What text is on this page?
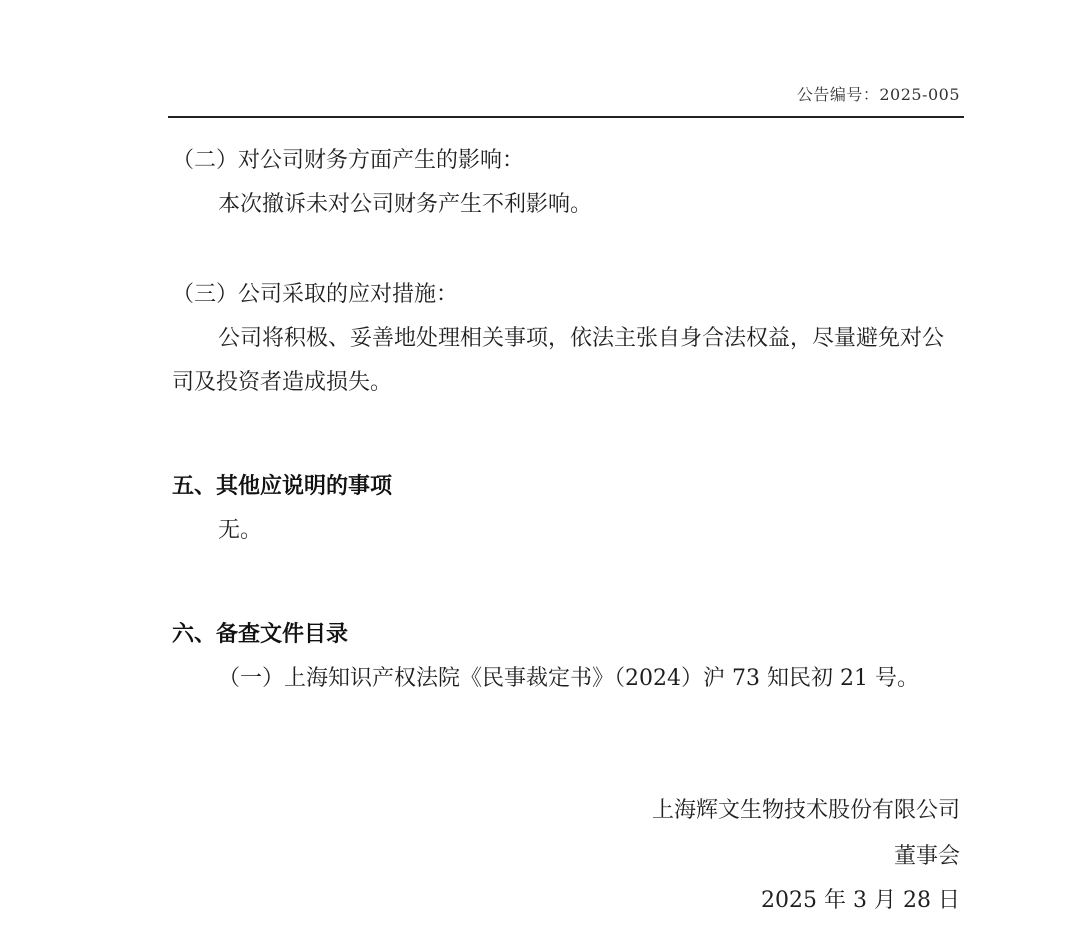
公告编号：2025-005
（二）对公司财务方面产生的影响：
本次撤诉未对公司财务产生不利影响。
（三）公司采取的应对措施：
公司将积极、妥善地处理相关事项，依法主张自身合法权益，尽量避免对公
司及投资者造成损失。
五、其他应说明的事项
无。
六、备查文件目录
（一）上海知识产权法院《民事裁定书》（2024）沪 73 知民初 21 号。
上海辉文生物技术股份有限公司
董事会
2025 年 3 月 28 日
